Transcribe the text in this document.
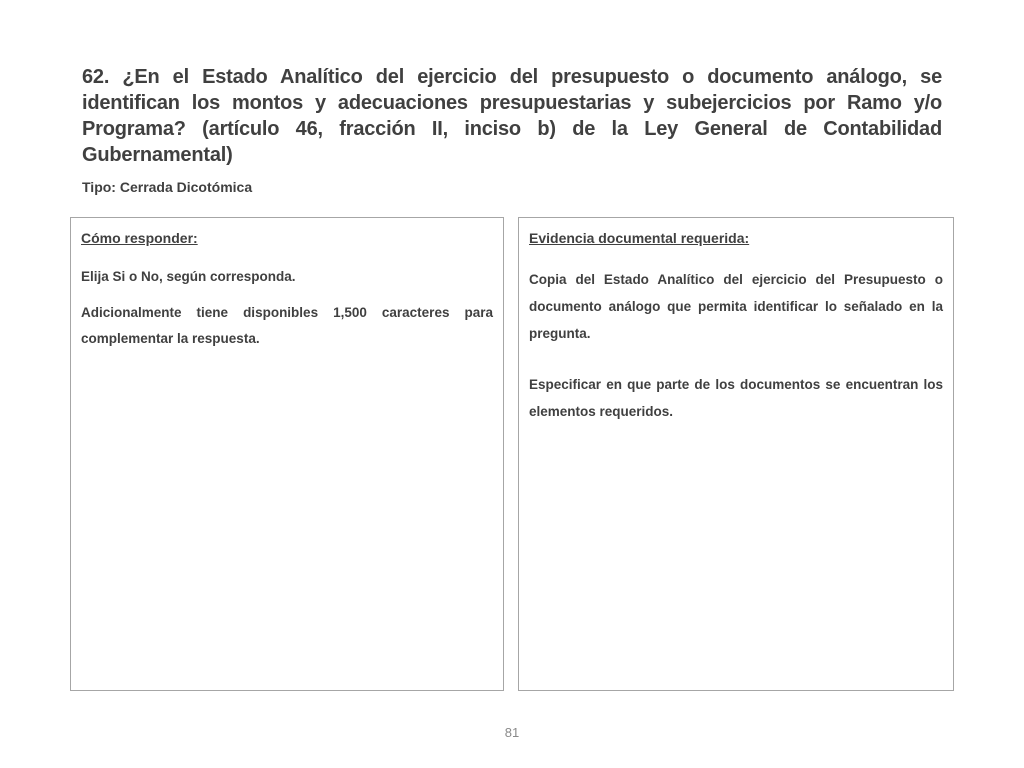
62. ¿En el Estado Analítico del ejercicio del presupuesto o documento análogo, se identifican los montos y adecuaciones presupuestarias y subejercicios por Ramo y/o Programa? (artículo 46, fracción II, inciso b) de la Ley General de Contabilidad Gubernamental)

Tipo: Cerrada Dicotómica

Cómo responder:

Elija Si o No, según corresponda.

Adicionalmente tiene disponibles 1,500 caracteres para complementar la respuesta.

Evidencia documental requerida:

Copia del Estado Analítico del ejercicio del Presupuesto o documento análogo que permita identificar lo señalado en la pregunta.

Especificar en que parte de los documentos se encuentran los elementos requeridos.

81
